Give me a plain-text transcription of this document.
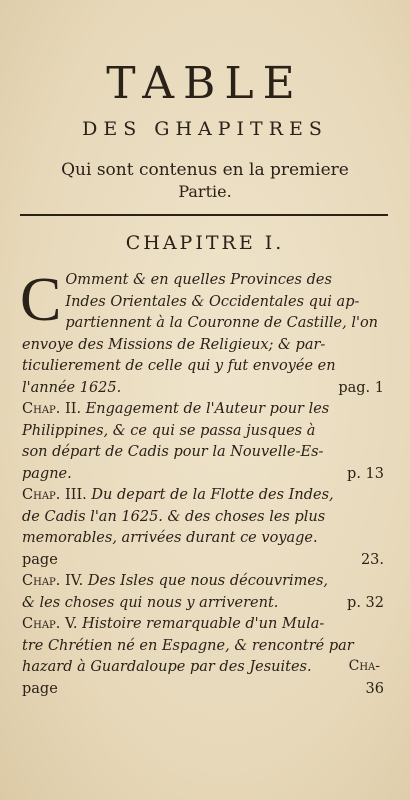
TABLE
DES GHAPITRES
Qui sont contenus en la premiere
Partie.
CHAPITRE I.

C Omment & en quelles Provinces des
Indes Orientales & Occidentales qui ap-
partiennent à la Couronne de Castille, l'on
envoye des Missions de Religieux; & par-
ticulierement de celle qui y fut envoyée en
l'année 1625.	pag. 1

Chap. II. Engagement de l'Auteur pour les
Philippines, & ce qui se passa jusques à
son départ de Cadis pour la Nouvelle-Es-
pagne.	p. 13

Chap. III. Du depart de la Flotte des Indes,
de Cadis l'an 1625. & des choses les plus
memorables, arrivées durant ce voyage.
page	23.

Chap. IV. Des Isles que nous découvrimes,
& les choses qui nous y arriverent.	p. 32

Chap. V. Histoire remarquable d'un Mula-
tre Chrétien né en Espagne, & rencontré par
hazard à Guardaloupe par des Jesuites.
page	36

Cha-
